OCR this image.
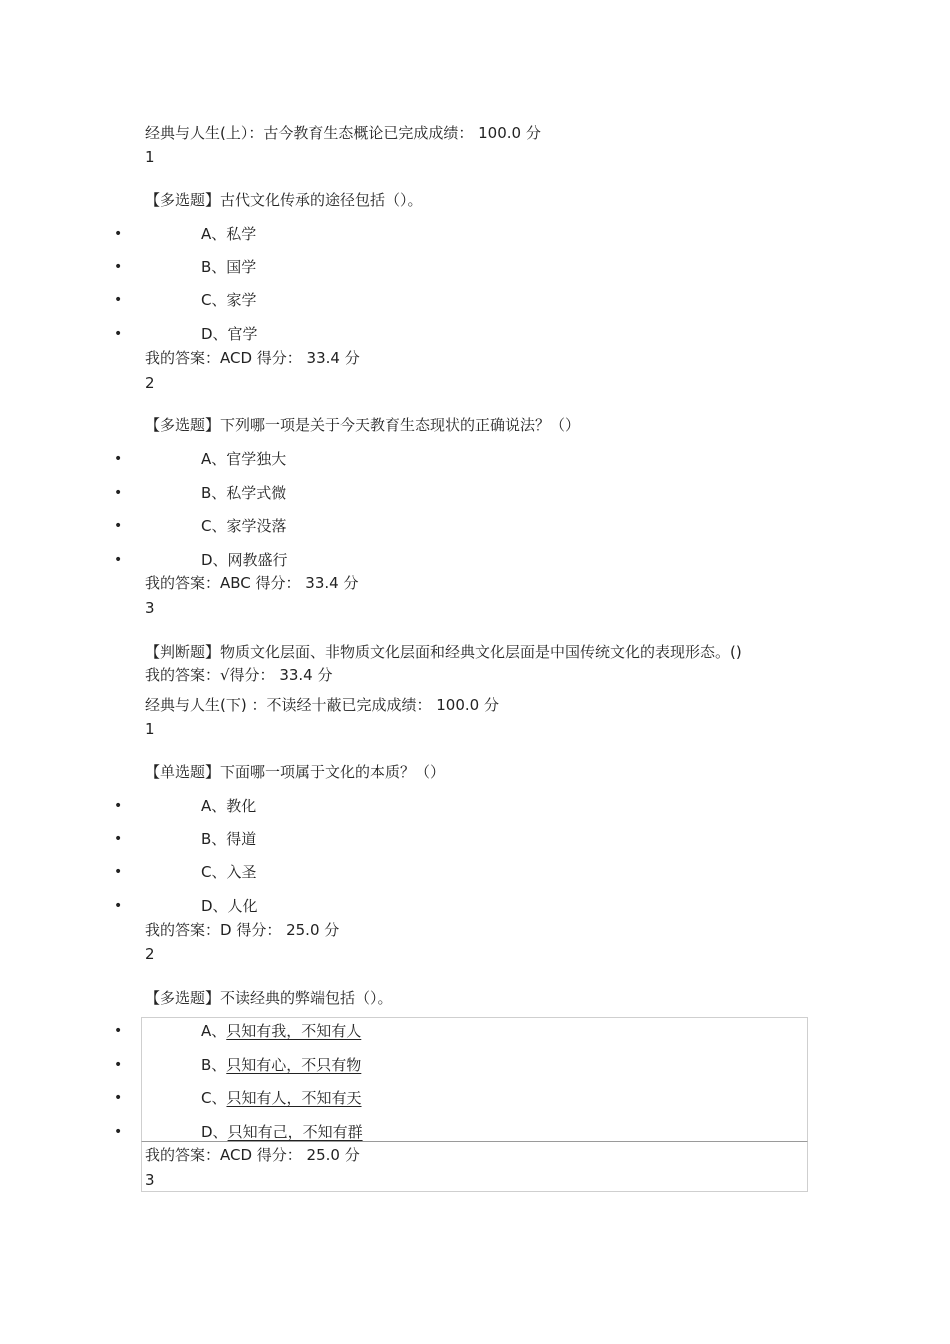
经典与人生(上）：古今教育生态概论已完成成绩： 100.0 分
1
【多选题】古代文化传承的途径包括（）。
•	A、私学
•	B、国学
•	C、家学
•	D、官学
我的答案：ACD 得分： 33.4 分
2
【多选题】下列哪一项是关于今天教育生态现状的正确说法？（）
•	A、官学独大
•	B、私学式微
•	C、家学没落
•	D、网教盛行
我的答案：ABC 得分： 33.4 分
3
【判断题】物质文化层面、非物质文化层面和经典文化层面是中国传统文化的表现形态。()
我的答案：√得分： 33.4 分
经典与人生(下) ：不读经十蔽已完成成绩： 100.0 分
1
【单选题】下面哪一项属于文化的本质？（）
•	A、教化
•	B、得道
•	C、入圣
•	D、人化
我的答案：D 得分： 25.0 分
2
【多选题】不读经典的弊端包括（）。
•	A、只知有我，不知有人
•	B、只知有心，不只有物
•	C、只知有人，不知有天
•	D、只知有己，不知有群
我的答案：ACD 得分： 25.0 分
3
